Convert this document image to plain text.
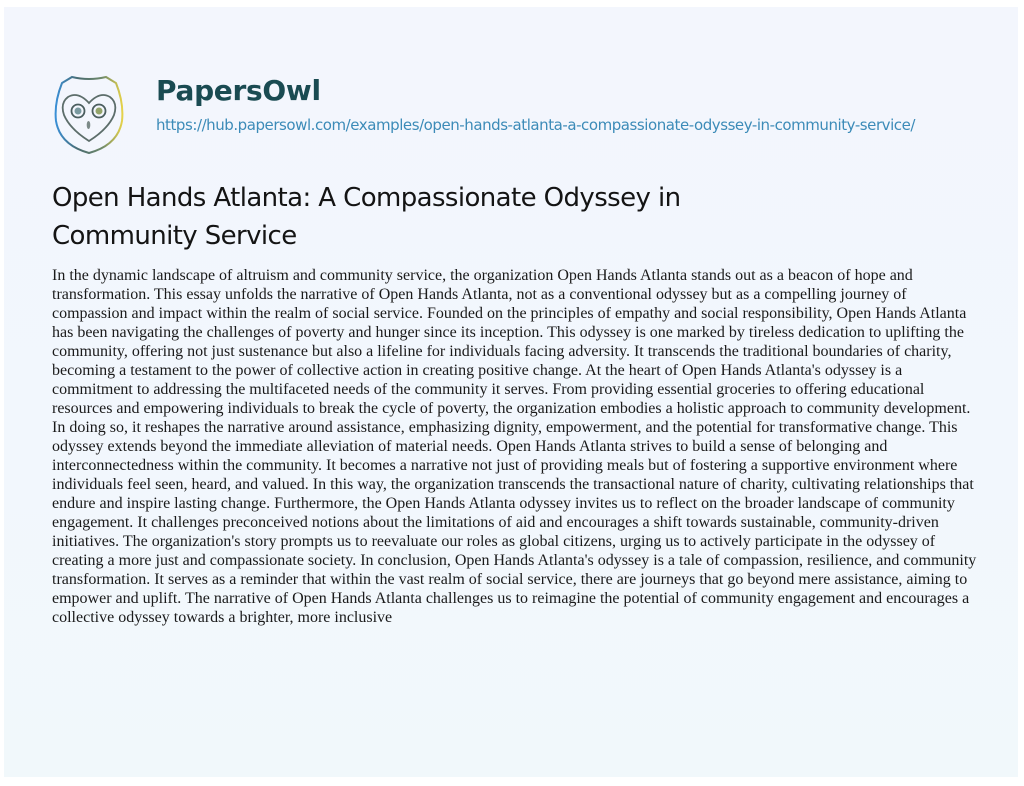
PapersOwl
https://hub.papersowl.com/examples/open-hands-atlanta-a-compassionate-odyssey-in-community-service/
Open Hands Atlanta: A Compassionate Odyssey in Community Service

In the dynamic landscape of altruism and community service, the organization Open Hands Atlanta stands out as a beacon of hope and transformation. This essay unfolds the narrative of Open Hands Atlanta, not as a conventional odyssey but as a compelling journey of compassion and impact within the realm of social service. Founded on the principles of empathy and social responsibility, Open Hands Atlanta has been navigating the challenges of poverty and hunger since its inception. This odyssey is one marked by tireless dedication to uplifting the community, offering not just sustenance but also a lifeline for individuals facing adversity. It transcends the traditional boundaries of charity, becoming a testament to the power of collective action in creating positive change. At the heart of Open Hands Atlanta's odyssey is a commitment to addressing the multifaceted needs of the community it serves. From providing essential groceries to offering educational resources and empowering individuals to break the cycle of poverty, the organization embodies a holistic approach to community development. In doing so, it reshapes the narrative around assistance, emphasizing dignity, empowerment, and the potential for transformative change. This odyssey extends beyond the immediate alleviation of material needs. Open Hands Atlanta strives to build a sense of belonging and interconnectedness within the community. It becomes a narrative not just of providing meals but of fostering a supportive environment where individuals feel seen, heard, and valued. In this way, the organization transcends the transactional nature of charity, cultivating relationships that endure and inspire lasting change. Furthermore, the Open Hands Atlanta odyssey invites us to reflect on the broader landscape of community engagement. It challenges preconceived notions about the limitations of aid and encourages a shift towards sustainable, community-driven initiatives. The organization's story prompts us to reevaluate our roles as global citizens, urging us to actively participate in the odyssey of creating a more just and compassionate society. In conclusion, Open Hands Atlanta's odyssey is a tale of compassion, resilience, and community transformation. It serves as a reminder that within the vast realm of social service, there are journeys that go beyond mere assistance, aiming to empower and uplift. The narrative of Open Hands Atlanta challenges us to reimagine the potential of community engagement and encourages a collective odyssey towards a brighter, more inclusive
